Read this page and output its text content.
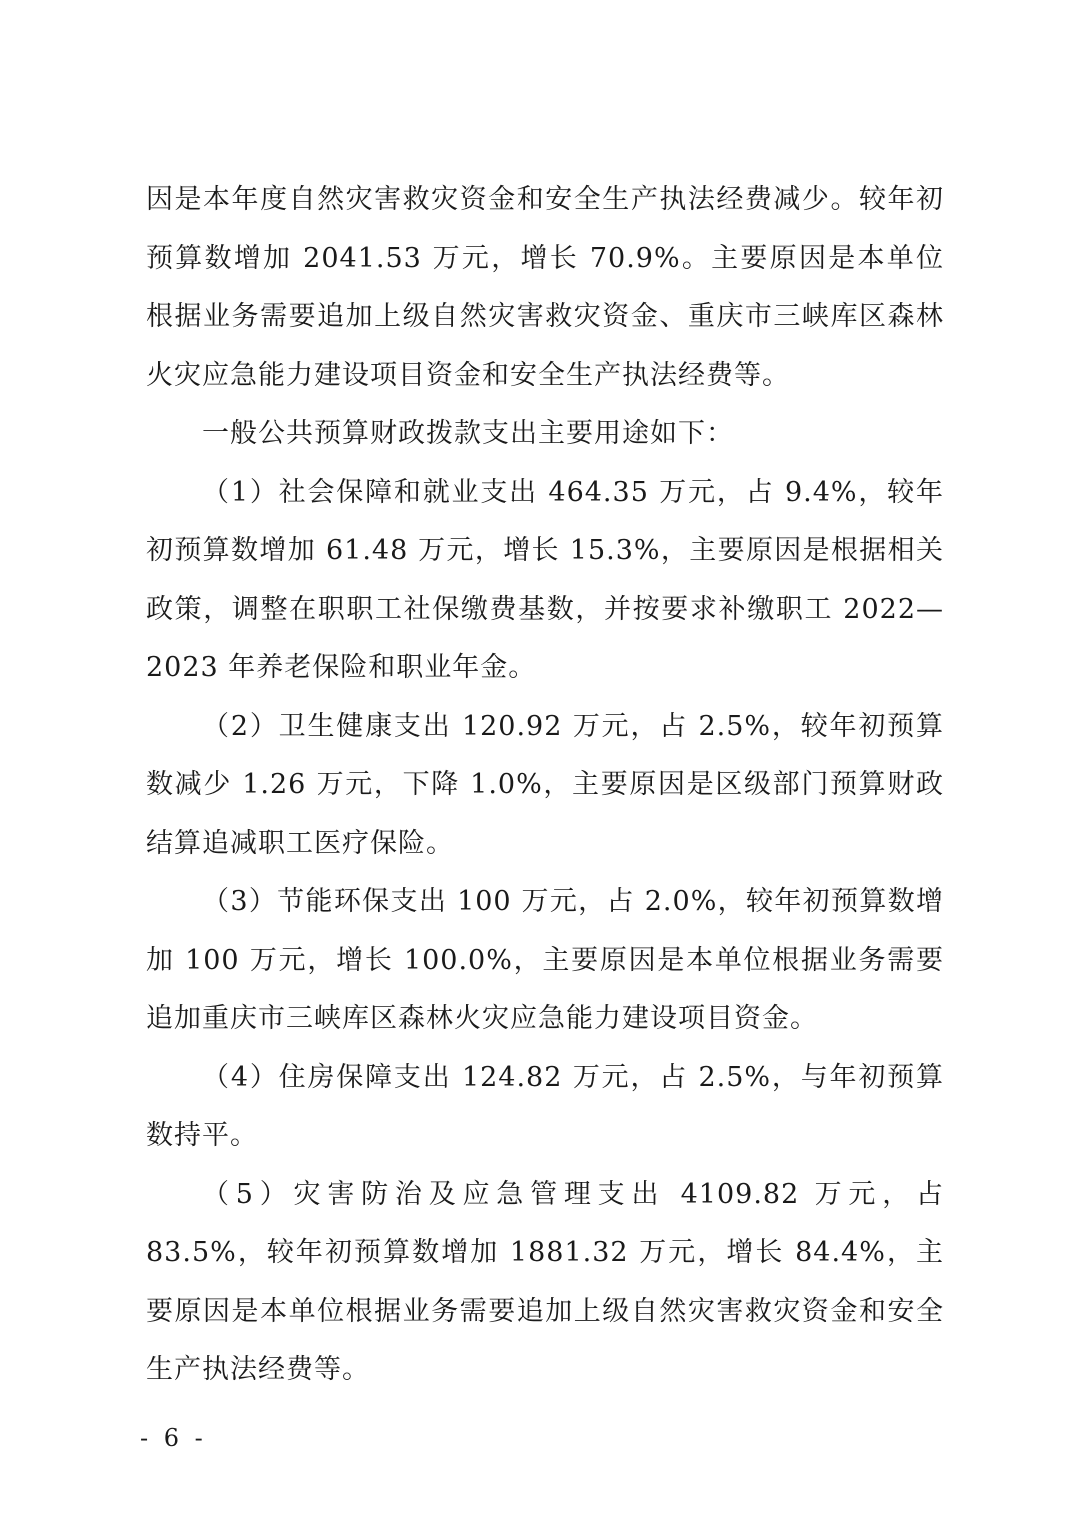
因是本年度自然灾害救灾资金和安全生产执法经费减少。较年初预算数增加 2041.53 万元，增长 70.9%。主要原因是本单位根据业务需要追加上级自然灾害救灾资金、重庆市三峡库区森林火灾应急能力建设项目资金和安全生产执法经费等。

一般公共预算财政拨款支出主要用途如下：

（1）社会保障和就业支出 464.35 万元，占 9.4%，较年初预算数增加 61.48 万元，增长 15.3%，主要原因是根据相关政策，调整在职职工社保缴费基数，并按要求补缴职工 2022—2023 年养老保险和职业年金。

（2）卫生健康支出 120.92 万元，占 2.5%，较年初预算数减少 1.26 万元，下降 1.0%，主要原因是区级部门预算财政结算追减职工医疗保险。

（3）节能环保支出 100 万元，占 2.0%，较年初预算数增加 100 万元，增长 100.0%，主要原因是本单位根据业务需要追加重庆市三峡库区森林火灾应急能力建设项目资金。

（4）住房保障支出 124.82 万元，占 2.5%，与年初预算数持平。

（5）灾害防治及应急管理支出 4109.82 万元，占 83.5%，较年初预算数增加 1881.32 万元，增长 84.4%，主要原因是本单位根据业务需要追加上级自然灾害救灾资金和安全生产执法经费等。

- 6 -
